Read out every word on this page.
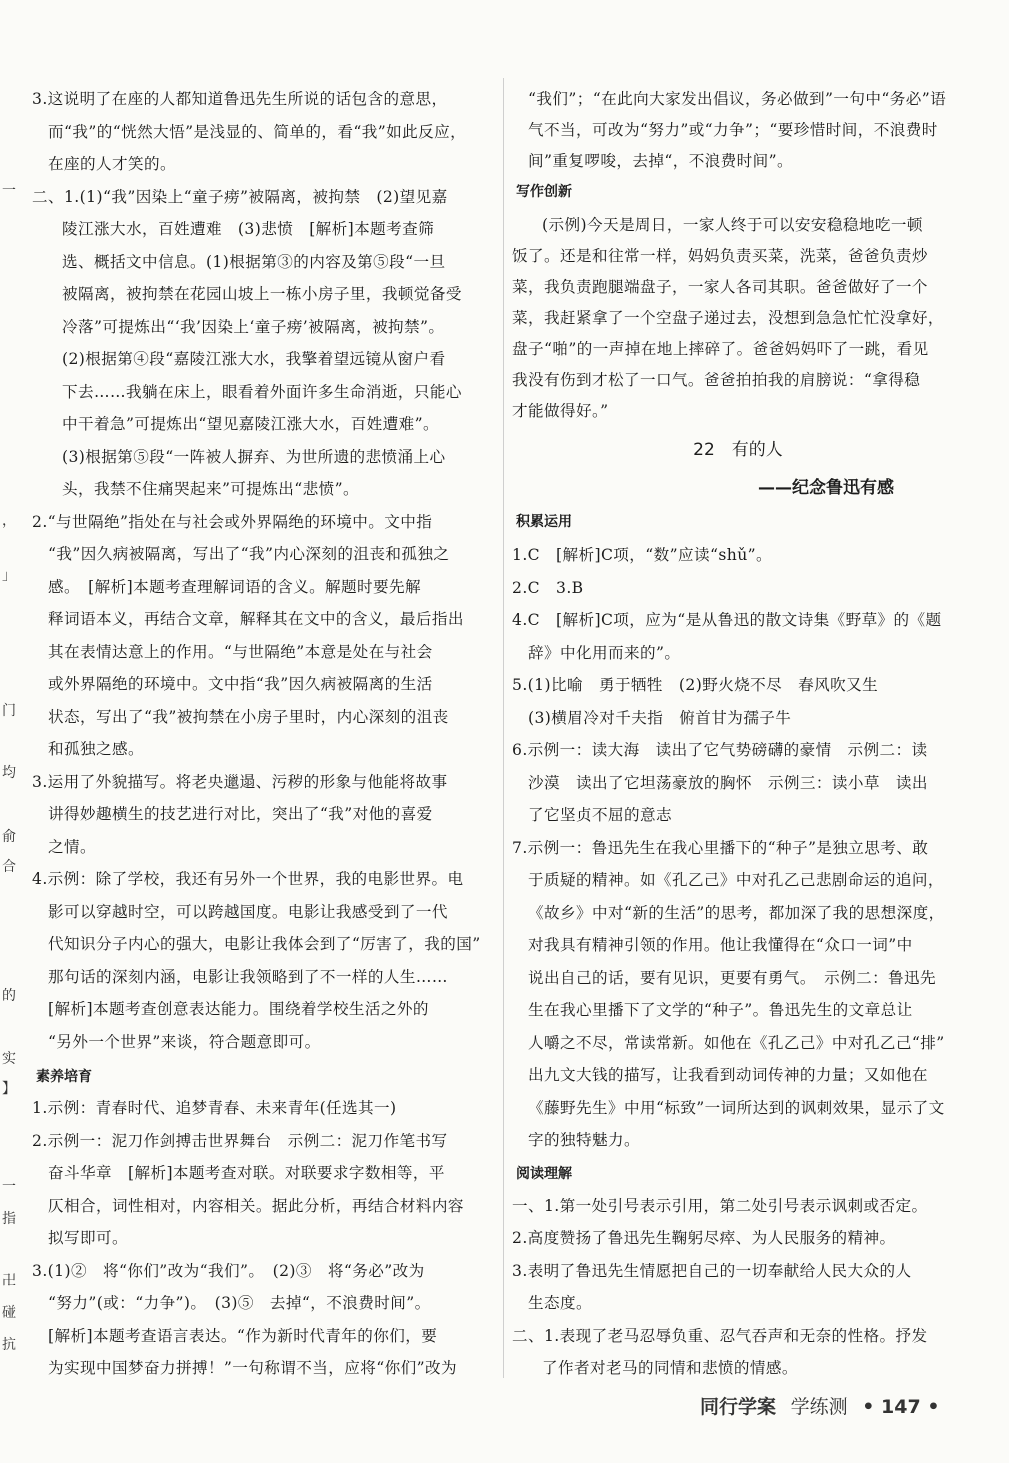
3.这说明了在座的人都知道鲁迅先生所说的话包含的意思，
而“我”的“恍然大悟”是浅显的、简单的，看“我”如此反应，
在座的人才笑的。
二、1.(1)“我”因染上“童子痨”被隔离，被拘禁　(2)望见嘉
陵江涨大水，百姓遭难　(3)悲愤　[解析]本题考查筛
选、概括文中信息。(1)根据第③的内容及第⑤段“一旦
被隔离，被拘禁在花园山坡上一栋小房子里，我顿觉备受
冷落”可提炼出“‘我’因染上‘童子痨’被隔离，被拘禁”。
(2)根据第④段“嘉陵江涨大水，我擎着望远镜从窗户看
下去……我躺在床上，眼看着外面许多生命消逝，只能心
中干着急”可提炼出“望见嘉陵江涨大水，百姓遭难”。
(3)根据第⑤段“一阵被人摒弃、为世所遗的悲愤涌上心
头，我禁不住痛哭起来”可提炼出“悲愤”。
2.“与世隔绝”指处在与社会或外界隔绝的环境中。文中指
“我”因久病被隔离，写出了“我”内心深刻的沮丧和孤独之
感。　[解析]本题考查理解词语的含义。解题时要先解
释词语本义，再结合文章，解释其在文中的含义，最后指出
其在表情达意上的作用。“与世隔绝”本意是处在与社会
或外界隔绝的环境中。文中指“我”因久病被隔离的生活
状态，写出了“我”被拘禁在小房子里时，内心深刻的沮丧
和孤独之感。
3.运用了外貌描写。将老央邋遢、污秽的形象与他能将故事
讲得妙趣横生的技艺进行对比，突出了“我”对他的喜爱
之情。
4.示例：除了学校，我还有另外一个世界，我的电影世界。电
影可以穿越时空，可以跨越国度。电影让我感受到了一代
代知识分子内心的强大，电影让我体会到了“厉害了，我的国”
那句话的深刻内涵，电影让我领略到了不一样的人生……
[解析]本题考查创意表达能力。围绕着学校生活之外的
“另外一个世界”来谈，符合题意即可。
素养培育
1.示例：青春时代、追梦青春、未来青年(任选其一)
2.示例一：泥刀作剑搏击世界舞台　示例二：泥刀作笔书写
奋斗华章　[解析]本题考查对联。对联要求字数相等，平
仄相合，词性相对，内容相关。据此分析，再结合材料内容
拟写即可。
3.(1)②　将“你们”改为“我们”。　(2)③　将“务必”改为
“努力”(或：“力争”)。　(3)⑤　去掉“，不浪费时间”。
[解析]本题考查语言表达。“作为新时代青年的你们，要
为实现中国梦奋力拼搏！”一句称谓不当，应将“你们”改为
“我们”；“在此向大家发出倡议，务必做到”一句中“务必”语
气不当，可改为“努力”或“力争”；“要珍惜时间，不浪费时
间”重复啰唆，去掉“，不浪费时间”。
写作创新
(示例)今天是周日，一家人终于可以安安稳稳地吃一顿
饭了。还是和往常一样，妈妈负责买菜，洗菜，爸爸负责炒
菜，我负责跑腿端盘子，一家人各司其职。爸爸做好了一个
菜，我赶紧拿了一个空盘子递过去，没想到急急忙忙没拿好，
盘子“啪”的一声掉在地上摔碎了。爸爸妈妈吓了一跳，看见
我没有伤到才松了一口气。爸爸拍拍我的肩膀说：“拿得稳
才能做得好。”
22　有的人
——纪念鲁迅有感
积累运用
1.C　[解析]C项，“数”应读“shǔ”。
2.C　3.B
4.C　[解析]C项，应为“是从鲁迅的散文诗集《野草》的《题
辞》中化用而来的”。
5.(1)比喻　勇于牺牲　(2)野火烧不尽　春风吹又生
(3)横眉冷对千夫指　俯首甘为孺子牛
6.示例一：读大海　读出了它气势磅礴的豪情　示例二：读
沙漠　读出了它坦荡豪放的胸怀　示例三：读小草　读出
了它坚贞不屈的意志
7.示例一：鲁迅先生在我心里播下的“种子”是独立思考、敢
于质疑的精神。如《孔乙己》中对孔乙己悲剧命运的追问，
《故乡》中对“新的生活”的思考，都加深了我的思想深度，
对我具有精神引领的作用。他让我懂得在“众口一词”中
说出自己的话，要有见识，更要有勇气。　示例二：鲁迅先
生在我心里播下了文学的“种子”。鲁迅先生的文章总让
人嚼之不尽，常读常新。如他在《孔乙己》中对孔乙己“排”
出九文大钱的描写，让我看到动词传神的力量；又如他在
《藤野先生》中用“标致”一词所达到的讽刺效果，显示了文
字的独特魅力。
阅读理解
一、1.第一处引号表示引用，第二处引号表示讽刺或否定。
2.高度赞扬了鲁迅先生鞠躬尽瘁、为人民服务的精神。
3.表明了鲁迅先生情愿把自己的一切奉献给人民大众的人
生态度。
二、1.表现了老马忍辱负重、忍气吞声和无奈的性格。抒发
了作者对老马的同情和悲愤的情感。
一
，
」
门
均
俞
合
的
实
】
一
指
卍
碰
抗
同行学案 学练测 • 147 •
